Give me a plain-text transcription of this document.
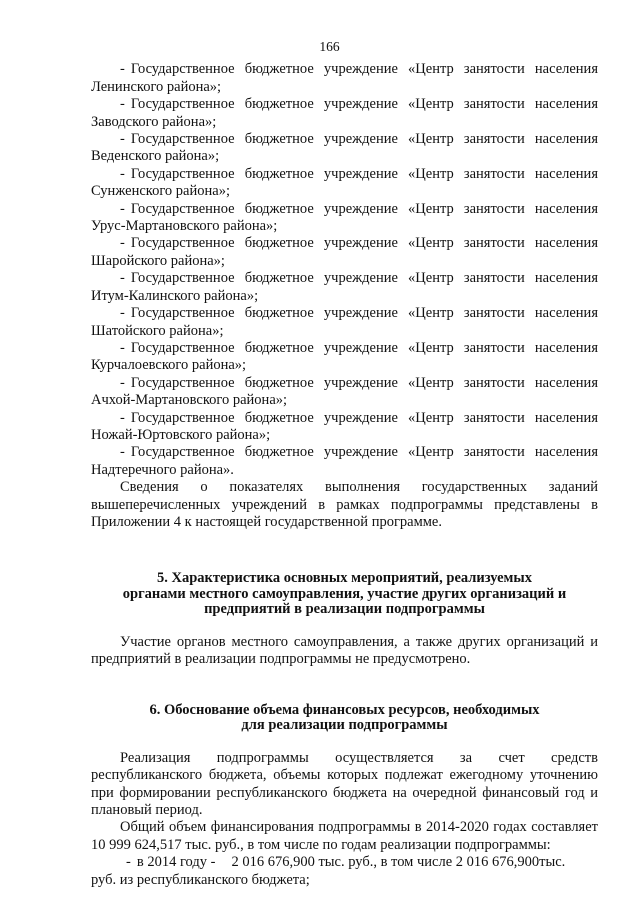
166
- Государственное бюджетное учреждение «Центр занятости населения
Ленинского района»;
- Государственное бюджетное учреждение «Центр занятости населения
Заводского района»;
- Государственное бюджетное учреждение «Центр занятости населения
Веденского района»;
- Государственное бюджетное учреждение «Центр занятости населения
Сунженского района»;
- Государственное бюджетное учреждение «Центр занятости населения
Урус-Мартановского района»;
- Государственное бюджетное учреждение «Центр занятости населения
Шаройского района»;
- Государственное бюджетное учреждение «Центр занятости населения
Итум-Калинского района»;
- Государственное бюджетное учреждение «Центр занятости населения
Шатойского района»;
- Государственное бюджетное учреждение «Центр занятости населения
Курчалоевского района»;
- Государственное бюджетное учреждение «Центр занятости населения
Ачхой-Мартановского района»;
- Государственное бюджетное учреждение «Центр занятости населения
Ножай-Юртовского района»;
- Государственное бюджетное учреждение «Центр занятости населения
Надтеречного района».

Сведения о показателях выполнения государственных заданий вышеперечисленных учреждений в рамках подпрограммы представлены в Приложении 4 к настоящей государственной программе.

5. Характеристика основных мероприятий, реализуемых
органами местного самоуправления, участие других организаций и
предприятий в реализации подпрограммы

Участие органов местного самоуправления, а также других организаций и предприятий в реализации подпрограммы не предусмотрено.

6. Обоснование объема финансовых ресурсов, необходимых
для реализации подпрограммы

Реализация подпрограммы осуществляется за счет средств республиканского бюджета, объемы которых подлежат ежегодному уточнению при формировании республиканского бюджета на очередной финансовый год и плановый период.

Общий объем финансирования подпрограммы в 2014-2020 годах составляет 10 999 624,517 тыс. руб., в том числе по годам реализации подпрограммы:

- в 2014 году - 2 016 676,900 тыс. руб., в том числе 2 016 676,900тыс.

руб. из республиканского бюджета;
